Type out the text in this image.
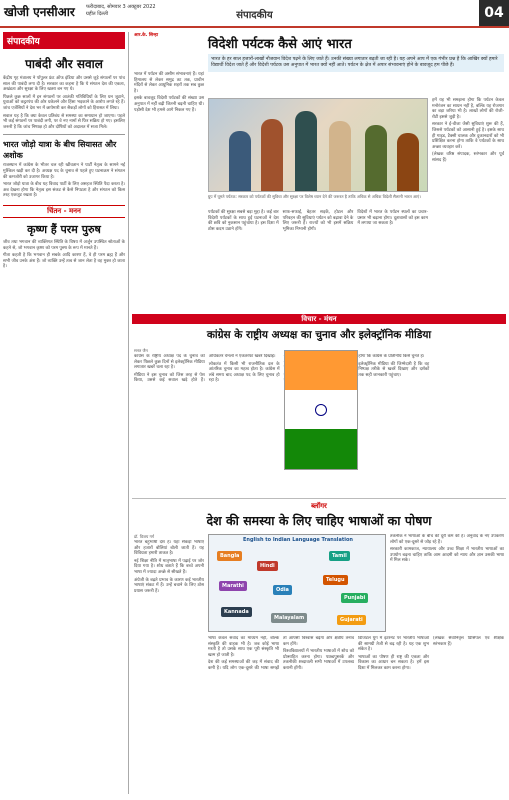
खोजी एनसीआर फरीदाबाद, सोमवार 3 अक्टूबर 2022
ग्रहीत दिल्ली	संपादकीय	04
संपादकीय
पाबंदी और सवाल

केंद्रीय गृह मंत्रालय ने पॉपुलर फ्रंट ऑफ इंडिया और उससे जुड़े संगठनों पर पांच साल की पाबंदी लगा दी है। सरकार का कहना है कि ये संगठन देश की एकता, अखंडता और सुरक्षा के लिए खतरा बन गए थे।

पिछले कुछ सालों में इन संगठनों पर आतंकी गतिविधियों के लिए धन जुटाने, युवाओं को कट्टरपंथ की ओर धकेलने और हिंसा भड़काने के आरोप लगते रहे हैं। जांच एजेंसियों ने देश भर में छापेमारी कर सैकड़ों लोगों को हिरासत में लिया।

सवाल यह है कि क्या केवल प्रतिबंध से समस्या का समाधान हो जाएगा। पहले भी कई संगठनों पर पाबंदी लगी, पर वे नए नामों से फिर सक्रिय हो गए। इसलिए जरूरी है कि जांच निष्पक्ष हो और दोषियों को अदालत में सजा मिले।

भारत जोड़ो यात्रा के बीच सियासत और अशोक

राजस्थान में कांग्रेस के भीतर चल रही खींचतान ने पार्टी नेतृत्व के सामने नई मुश्किल खड़ी कर दी है। अध्यक्ष पद के चुनाव से पहले हुए घटनाक्रम ने संगठन की कमजोरी को उजागर किया है।

भारत जोड़ो यात्रा के बीच यह विवाद पार्टी के लिए असहज स्थिति पैदा करता है। अब देखना होगा कि नेतृत्व इस संकट से कैसे निपटता है और संगठन को किस तरह एकजुट रखता है।

चिंतन - मनन
कृष्ण हैं परम पुरुष

जीव तथा भगवान की व्यक्तिगत स्थिति के विषय में अर्जुन उपस्थित श्रोताओं के कहने से, जो भगवान कृष्ण को परम पुरुष के रूप में मानते हैं।

गीता कहती है कि भगवान ही सबके आदि कारण हैं, वे ही परम ब्रह्म हैं और सभी जीव उनके अंश हैं। जो व्यक्ति उन्हें तत्व से जान लेता है वह मुक्त हो जाता है।

आर.के. सिन्हा
विदेशी पर्यटक कैसे आएं भारत
भारत के हर साल हजारों-लाखों नौजवान विदेश पढ़ने के लिए जाते हैं। उनकी संख्या लगातार बढ़ती जा रही है। यह अपने आप में एक गंभीर प्रश्न है कि आखिर क्यों हमारे विद्यार्थी विदेश जाते हैं और विदेशी पर्यटक उस अनुपात में भारत क्यों नहीं आते। पर्यटन के क्षेत्र में अपार संभावनाएं होने के बावजूद हम पीछे हैं।

भारत में पर्यटन की असीम संभावनाएं हैं। यहां हिमालय से लेकर समुद्र तट तक, प्राचीन मंदिरों से लेकर आधुनिक शहरों तक सब कुछ है।

इसके बावजूद विदेशी पर्यटकों की संख्या उस अनुपात में नहीं बढ़ी जितनी बढ़नी चाहिए थी। पड़ोसी देश भी हमसे आगे निकल गए हैं।

ग्रुप में घूमते पर्यटक: सरकार को पर्यटकों की सुविधा और सुरक्षा पर विशेष ध्यान देने की जरूरत है ताकि अधिक से अधिक विदेशी सैलानी भारत आएं।

हमें यह भी समझना होगा कि पर्यटन केवल मनोरंजन का साधन नहीं है, बल्कि यह रोजगार का बड़ा जरिया भी है। लाखों लोगों की रोजी-रोटी इससे जुड़ी है।

सरकार ने ई-वीजा जैसी सुविधाएं शुरू की हैं, जिससे पर्यटकों को आसानी हुई है। इसके साथ ही गाइड, टैक्सी चालक और दुकानदारों को भी प्रशिक्षित करना होगा ताकि वे पर्यटकों के साथ अच्छा व्यवहार करें।

(लेखक वरिष्ठ संपादक, स्तंभकार और पूर्व सांसद हैं)

पर्यटकों की सुरक्षा सबसे बड़ा मुद्दा है। कई बार विदेशी पर्यटकों के साथ हुई घटनाओं ने देश की छवि को नुकसान पहुंचाया है। इस दिशा में ठोस कदम उठाने होंगे।

साफ-सफाई, बेहतर सड़कें, होटल और परिवहन की सुविधाएं पर्यटन को बढ़ावा देने के लिए जरूरी हैं। राज्यों को भी इसमें सक्रिय भूमिका निभानी होगी।

विदेशों में भारत के पर्यटन स्थलों का प्रचार-प्रसार भी बढ़ाना होगा। दूतावासों को इस काम में लगाया जा सकता है।

विचार - मंथन
कांग्रेस के राष्ट्रीय अध्यक्ष का चुनाव और इलेक्ट्रॉनिक मीडिया
सनत जैन

कांग्रेस के राष्ट्रीय अध्यक्ष पद के चुनाव को लेकर पिछले कुछ दिनों से इलेक्ट्रॉनिक मीडिया लगातार खबरें चला रहा है।

मीडिया ने इस चुनाव को जिस तरह से पेश किया, उससे कई सवाल खड़े होते हैं। अधिकतर चैनलों ने एकतरफा खबरें दिखाईं।

लोकतंत्र में किसी भी राजनीतिक दल के आंतरिक चुनाव का महत्व होता है। कांग्रेस में लंबे समय बाद अध्यक्ष पद के लिए चुनाव हो रहा है।

होगा कि कांग्रेस के प्रतिनिधि किसे चुनते हैं।

इलेक्ट्रॉनिक मीडिया की जिम्मेदारी है कि वह निष्पक्ष तरीके से खबरें दिखाए और दर्शकों तक सही जानकारी पहुंचाए।

ब्लॉगर
देश की समस्या के लिए चाहिए भाषाओं का पोषण
डॉ. विजय गर्ग

भारत बहुभाषी देश है। यहां सैकड़ों भाषाएं और हजारों बोलियां बोली जाती हैं। यह विविधता हमारी ताकत है।

नई शिक्षा नीति में मातृभाषा में पढ़ाई पर जोर दिया गया है। शोध बताते हैं कि बच्चे अपनी भाषा में ज्यादा अच्छे से सीखते हैं।

अंग्रेजी के बढ़ते प्रभाव के कारण कई भारतीय भाषाएं संकट में हैं। उन्हें बचाने के लिए ठोस प्रयास जरूरी हैं।

English to Indian Language Translation
Bangla
Hindi
Tamil
Marathi
Odia
Telugu
Punjabi
Kannada
Malayalam	Gujarati

तकनीक ने भाषाओं के बीच की दूरी कम की है। अनुवाद के नए उपकरण लोगों को एक-दूसरे से जोड़ रहे हैं।

सरकारी कामकाज, न्यायालय और उच्च शिक्षा में भारतीय भाषाओं का उपयोग बढ़ना चाहिए ताकि आम आदमी को न्याय और ज्ञान उसकी भाषा में मिल सके।

भाषा केवल संवाद का माध्यम नहीं, बल्कि संस्कृति की वाहक भी है। जब कोई भाषा मरती है तो उसके साथ एक पूरी संस्कृति भी खत्म हो जाती है।

देश की कई समस्याओं की जड़ में संवाद की कमी है। यदि लोग एक-दूसरे की भाषा समझें तो आपसी विश्वास बढ़ेगा और क्षेत्रीय तनाव कम होंगे।

विश्वविद्यालयों में भारतीय भाषाओं में शोध को प्रोत्साहित करना होगा। पाठ्यपुस्तकें और तकनीकी शब्दावली सभी भाषाओं में उपलब्ध करानी होंगी।

डिजिटल युग में इंटरनेट पर भारतीय भाषाओं की सामग्री तेजी से बढ़ रही है। यह एक शुभ संकेत है।

भाषाओं का पोषण ही राष्ट्र की एकता और विकास का आधार बन सकता है। हमें इस दिशा में मिलकर काम करना होगा।

(लेखक सेवानिवृत्त प्रिंसिपल एवं शैक्षिक स्तंभकार हैं)
